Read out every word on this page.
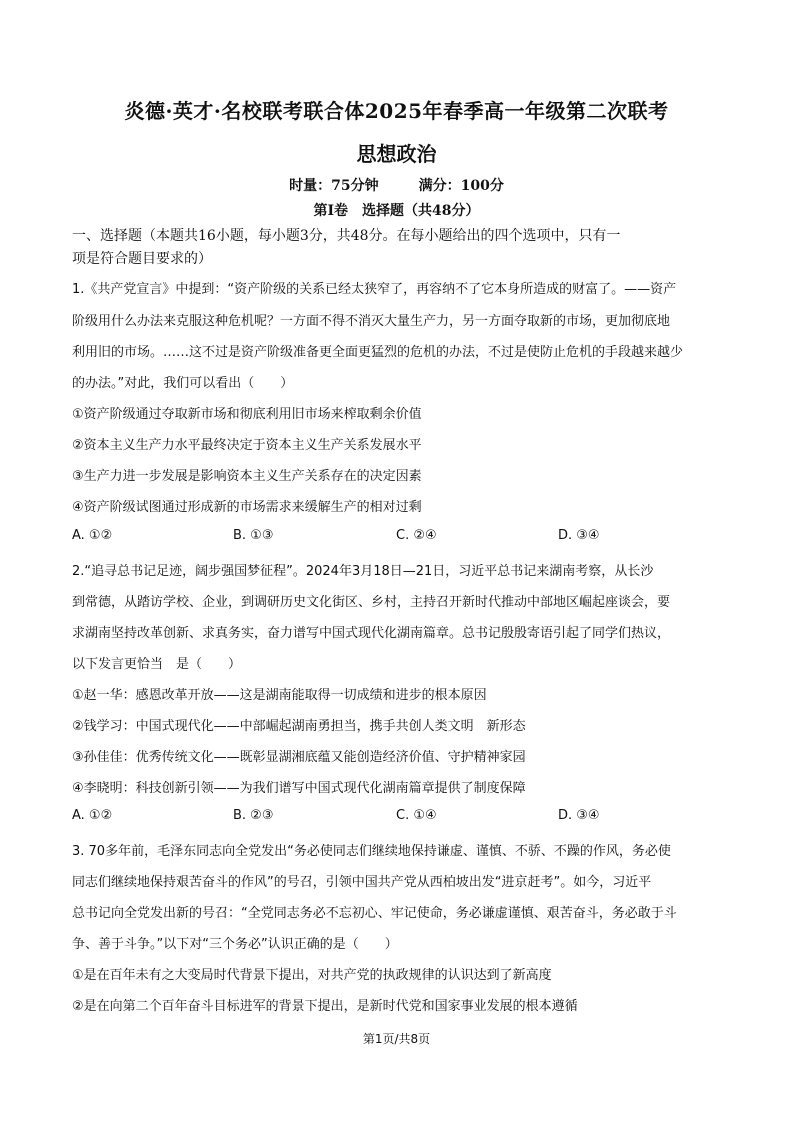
炎德·英才·名校联考联合体2025年春季高一年级第二次联考
思想政治
时量：75分钟	满分：100分
第Ⅰ卷　选择题（共48分）
一、选择题（本题共16小题，每小题3分，共48分。在每小题给出的四个选项中，只有一
项是符合题目要求的）
1.《共产党宣言》中提到：“资产阶级的关系已经太狭窄了，再容纳不了它本身所造成的财富了。——资产
阶级用什么办法来克服这种危机呢？一方面不得不消灭大量生产力，另一方面夺取新的市场，更加彻底地
利用旧的市场。……这不过是资产阶级准备更全面更猛烈的危机的办法，不过是使防止危机的手段越来越少
的办法。”对此，我们可以看出（　　）
①资产阶级通过夺取新市场和彻底利用旧市场来榨取剩余价值
②资本主义生产力水平最终决定于资本主义生产关系发展水平
③生产力进一步发展是影响资本主义生产关系存在的决定因素
④资产阶级试图通过形成新的市场需求来缓解生产的相对过剩
A. ①②	B. ①③	C. ②④	D. ③④
2.“追寻总书记足迹，阔步强国梦征程”。2024年3月18日—21日，习近平总书记来湖南考察，从长沙
到常德，从踏访学校、企业，到调研历史文化街区、乡村，主持召开新时代推动中部地区崛起座谈会，要
求湖南坚持改革创新、求真务实，奋力谱写中国式现代化湖南篇章。总书记殷殷寄语引起了同学们热议，
以下发言更恰当　是（　　）
①赵一华：感恩改革开放——这是湖南能取得一切成绩和进步的根本原因
②钱学习：中国式现代化——中部崛起湖南勇担当，携手共创人类文明　新形态
③孙佳佳：优秀传统文化——既彰显湖湘底蕴又能创造经济价值、守护精神家园
④李晓明：科技创新引领——为我们谱写中国式现代化湖南篇章提供了制度保障
A. ①②	B. ②③	C. ①④	D. ③④
3. 70多年前，毛泽东同志向全党发出“务必使同志们继续地保持谦虚、谨慎、不骄、不躁的作风，务必使
同志们继续地保持艰苦奋斗的作风”的号召，引领中国共产党从西柏坡出发“进京赶考”。如今，习近平
总书记向全党发出新的号召：“全党同志务必不忘初心、牢记使命，务必谦虚谨慎、艰苦奋斗，务必敢于斗
争、善于斗争。”以下对“三个务必”认识正确的是（　　）
①是在百年未有之大变局时代背景下提出，对共产党的执政规律的认识达到了新高度
②是在向第二个百年奋斗目标进军的背景下提出，是新时代党和国家事业发展的根本遵循
第1页/共8页
